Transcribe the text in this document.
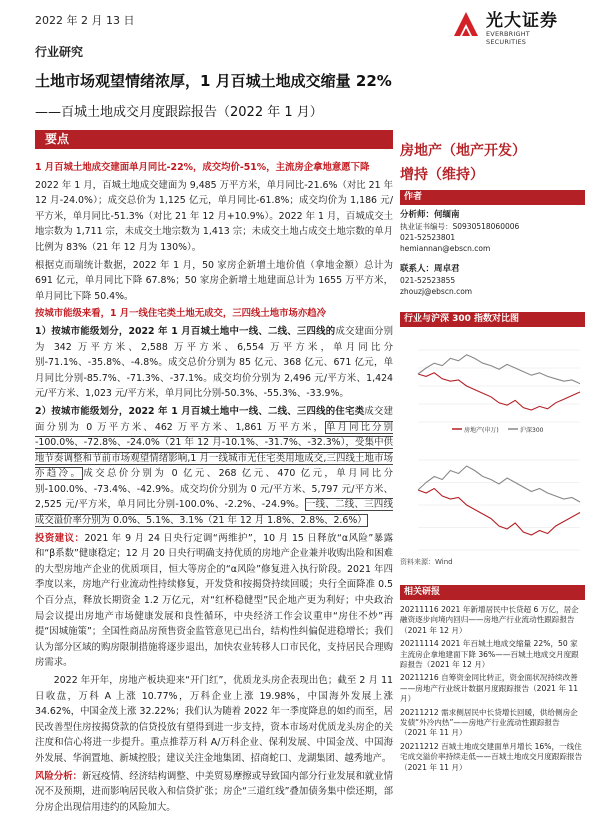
2022 年 2 月 13 日	光大证券
EVERBRIGHT SECURITIES
行业研究
土地市场观望情绪浓厚，1 月百城土地成交缩量 22%
——百城土地成交月度跟踪报告（2022 年 1 月）
要点

1 月百城土地成交建面单月同比-22%，成交均价-51%，主流房企拿地意愿下降

2022 年 1 月，百城土地成交建面为 9,485 万平方米，单月同比-21.6%（对比 21 年 12 月-24.0%）；成交总价为 1,125 亿元，单月同比-61.8%；成交均价为 1,186 元/平方米，单月同比-51.3%（对比 21 年 12 月+10.9%）。2022 年 1 月，百城成交土地宗数为 1,711 宗，未成交土地宗数为 1,413 宗；未成交土地占成交土地宗数的单月比例为 83%（21 年 12 月为 130%）。

根据克而瑞统计数据，2022 年 1 月，50 家房企新增土地价值（拿地金额）总计为 691 亿元，单月同比下降 67.8%；50 家房企新增土地建面总计为 1655 万平方米，单月同比下降 50.4%。

按城市能级来看，1 月一线住宅类土地无成交，三四线土地市场亦趋冷

1）按城市能级划分，2022 年 1 月百城土地中一线、二线、三四线的成交建面分别为 342 万平方米、2,588 万平方米、6,554 万平方米，单月同比分别-71.1%、-35.8%、-4.8%。成交总价分别为 85 亿元、368 亿元、671 亿元，单月同比分别-85.7%、-71.3%、-37.1%。成交均价分别为 2,496 元/平方米、1,424 元/平方米、1,023 元/平方米，单月同比分别-50.3%、-55.3%、-33.9%。

2）按城市能级划分，2022 年 1 月百城土地中一线、二线、三四线的住宅类成交建面分别为 0 万平方米、462 万平方米、1,861 万平方米，单月同比分别 -100.0%、-72.8%、-24.0%（21 年 12 月-10.1%、-31.7%、-32.3%），受集中供地节奏调整和节前市场观望情绪影响,1 月一线城市无住宅类用地成交,三四线土地市场亦趋冷。成交总价分别为 0 亿元、268 亿元、470 亿元，单月同比分别-100.0%、-73.4%、-42.9%。成交均价分别为 0 元/平方米、5,797 元/平方米、2,525 元/平方米，单月同比分别-100.0%、-2.2%、-24.9%。一线、二线、三四线成交溢价率分别为 0.0%、5.1%、3.1%（21 年 12 月 1.8%、2.8%、2.6%）

投资建议：2021 年 9 月 24 日央行定调“两维护”，10 月 15 日释放“α风险”暴露和“β系数”健康稳定；12 月 20 日央行明确支持优质的房地产企业兼并收购出险和困难的大型房地产企业的优质项目，恒大等房企的“α风险”修复进入执行阶段。2021 年四季度以来，房地产行业流动性持续修复，开发贷和按揭贷持续回暖；央行全面降准 0.5 个百分点，释放长期资金 1.2 万亿元，对“红杯稳健型”民企地产更为利好；中央政治局会议提出房地产市场健康发展和良性循环，中央经济工作会议重申“房住不炒”再提“因城施策”；全国性商品房预售资金监管意见已出台，结构性纠偏促进稳增长；我们认为部分区域的购房限制措施将逐步退出，加快农业转移人口市民化，支持居民合理购房需求。

2022 年开年，房地产板块迎来“开门红”，优质龙头房企表现出色；截至 2 月 11 日收盘，万科 A 上涨 10.77%，万科企业上涨 19.98%，中国海外发展上涨 34.62%，中国金茂上涨 32.22%；我们认为随着 2022 年一季度降息的如约而至，居民改善型住房按揭贷款的信贷投放有望得到进一步支持，资本市场对优质龙头房企的关注度和信心将进一步提升。重点推荐万科 A/万科企业、保利发展、中国金茂、中国海外发展、华润置地、新城控股；建议关注金地集团、招商蛇口、龙湖集团、越秀地产。

风险分析：新冠疫情、经济结构调整、中美贸易摩擦或导致国内部分行业发展和就业情况不及预期，进而影响居民收入和信贷扩张；房企“三道红线”叠加债务集中偿还期，部分房企出现信用违约的风险加大。

房地产（地产开发）
增持（维持）
作者
分析师：何缅南
执业证书编号：S0930518060006
021-52523801
hemiannan@ebscn.com
联系人：周卓君
021-52523855
zhouzj@ebscn.com
行业与沪深 300 指数对比图
房地产(申万)	沪深300
资料来源：Wind
相关研报
20211116 2021 年新增居民中长贷超 6 万亿，居企融资逐步向境内回归——房地产行业流动性跟踪报告（2021 年 12 月）
20211114 2021 年百城土地成交缩量 22%，50 家主流房企拿地建面下降 36%——百城土地成交月度跟踪报告（2021 年 12 月）
20211216 自筹资金同比转正，资金面状况持续改善——房地产行业统计数据月度跟踪报告（2021 年 11 月）
20211212 需求侧居民中长贷增长回暖，供给侧房企发债“外冷内热”——房地产行业流动性跟踪报告（2021 年 11 月）
20211212 百城土地成交建面单月增长 16%，一线住宅成交溢价率持续走低——百城土地成交月度跟踪报告（2021 年 11 月）
